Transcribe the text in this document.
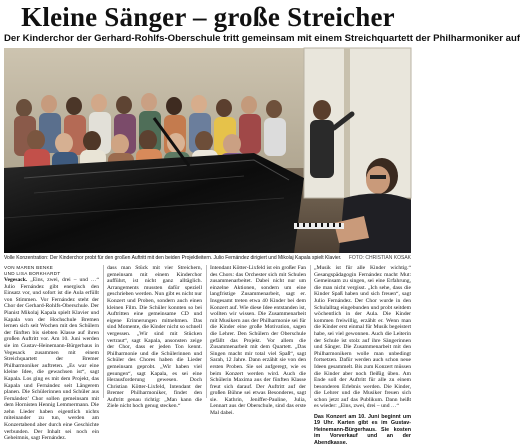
Kleine Sänger – große Streicher
Der Kinderchor der Gerhard-Rohlfs-Oberschule tritt gemeinsam mit einem Streichquartett der Philharmoniker auf
Volle Konzentration: Der Kinderchor probt für den großen Auftritt mit den beiden Projektleitern. Julio Fernández dirigiert und Mikolaj Kapala spielt Klavier.	FOTO: CHRISTIAN KOSAK
VON MAREN BENKE
UND LISA BORKHARDT

Vegesack. „Eins, zwei, drei – und …“ Julio Fernández gibt energisch den Einsatz vor, und sofort ist die Aula erfüllt von Stimmen. Vor Fernández steht der Chor der Gerhard-Rohlfs-Oberschule. Der Pianist Mikolaj Kapala spielt Klavier und Kapala von der Hochschule Bremen lernen sich seit Wochen mit den Schülern der fünften bis siebten Klasse auf ihren großen Auftritt vor. Am 10. Juni werden sie im Gustav-Heinemann-Bürgerhaus in Vegesack zusammen mit einem Streichquartett der Bremer Philharmoniker auftreten. „Es war eine kleine Idee, die gewachsen ist“, sagt Kapala. Los ging es mit dem Projekt, das Kapala und Fernández seit Längerem planen. Die Schülerinnen und Schüler aus Fernández’ Chor sollen gemeinsam mit dem Hornisten Hennig Lemmermann. Die zehn Lieder haben eigentlich nichts miteinander zu tun, werden am Konzertabend aber durch eine Geschichte verbunden. Der Inhalt sei noch ein Geheimnis, sagt Fernández.

dass man Stück mit vier Streichern, gemeinsam mit einem Kinderchor aufführt, ist nicht ganz alltäglich. Arrangements mussten dafür speziell geschrieben werden. Nun gibt es nicht nur Konzert und Proben, sondern auch einen kleinen Film. Die Schüler konnten so bei Auftritten eine gemeinsame CD und eigene Erinnerungen mitnehmen. Das sind Momente, die Kinder nicht so schnell vergessen. „Wir sind mit Stücken vertraut“, sagt Kapala, ansonsten zeige der Chor, dass er jeden Ton kennt. Philharmonie und die Schülerinnen und Schüler des Chores haben die Lieder gemeinsam geprobt. „Wir haben viel gesungen“, sagt Kapala, es sei eine Herausforderung gewesen. Doch Christian Kötter-Lixfeld, Intendant der Bremer Philharmoniker, findet den Auftritt genau richtig: „Man kann die Ziele nicht hoch genug stecken.“

Intendant Kötter-Lixfeld ist ein großer Fan des Chors: das Orchester sich mit Schulen zusammenarbeitet. Dabei nicht nur um einzelne Aktionen, sondern um eine langfristige Zusammenarbeit, sagt er. Insgesamt treten etwa 40 Kinder bei dem Konzert auf. Wie diese Idee entstanden ist, wollten wir wissen. Die Zusammenarbeit mit Musikern aus der Philharmonie sei für die Kinder eine große Motivation, sagen die Lehrer. Den Schülern der Oberschule gefällt das Projekt. Vor allem die Zusammenarbeit mit dem Quartett. „Das Singen macht mir total viel Spaß“, sagt Sarah, 12 Jahre. Dann erzählt sie von den ersten Proben. Sie sei aufgeregt, wie es beim Konzert werden wird. Auch die Schülerin Maxima aus der fünften Klasse freut sich darauf. Der Auftritt auf der großen Bühne sei etwas Besonderes, sagt sie. Kathrin, Jeniffer-Pauline, Julia, Lennart aus der Oberschule, sind das erste Mal dabei.

„Musik ist für alle Kinder wichtig.“ Gesangspädagogin Fernández macht Mut: Gemeinsam zu singen, sei eine Erfahrung, die man nicht vergisst. „Ich sehe, dass die Kinder Spaß haben und sich freuen“, sagt Julio Fernández. Der Chor wurde in den Schulalltag eingebunden und probt seitdem wöchentlich in der Aula. Die Kinder kommen freiwillig, erzählt er. Wenn man die Kinder erst einmal für Musik begeistert habe, sei viel gewonnen. Auch die Leiterin der Schule ist stolz auf ihre Sängerinnen und Sänger. Die Zusammenarbeit mit den Philharmonikern wolle man unbedingt fortsetzen. Dafür werden auch schon neue Ideen gesammelt. Bis zum Konzert müssen die Kinder aber noch fleißig üben. Am Ende soll der Auftritt für alle zu einem besonderen Erlebnis werden. Die Kinder, die Lehrer und die Musiker freuen sich schon jetzt auf das Publikum. Dann heißt es wieder: „Eins, zwei, drei – und …“

Das Konzert am 10. Juni beginnt um 19 Uhr. Karten gibt es im Gustav-Heinemann-Bürgerhaus. Sie kosten im Vorverkauf und an der Abendkasse.
